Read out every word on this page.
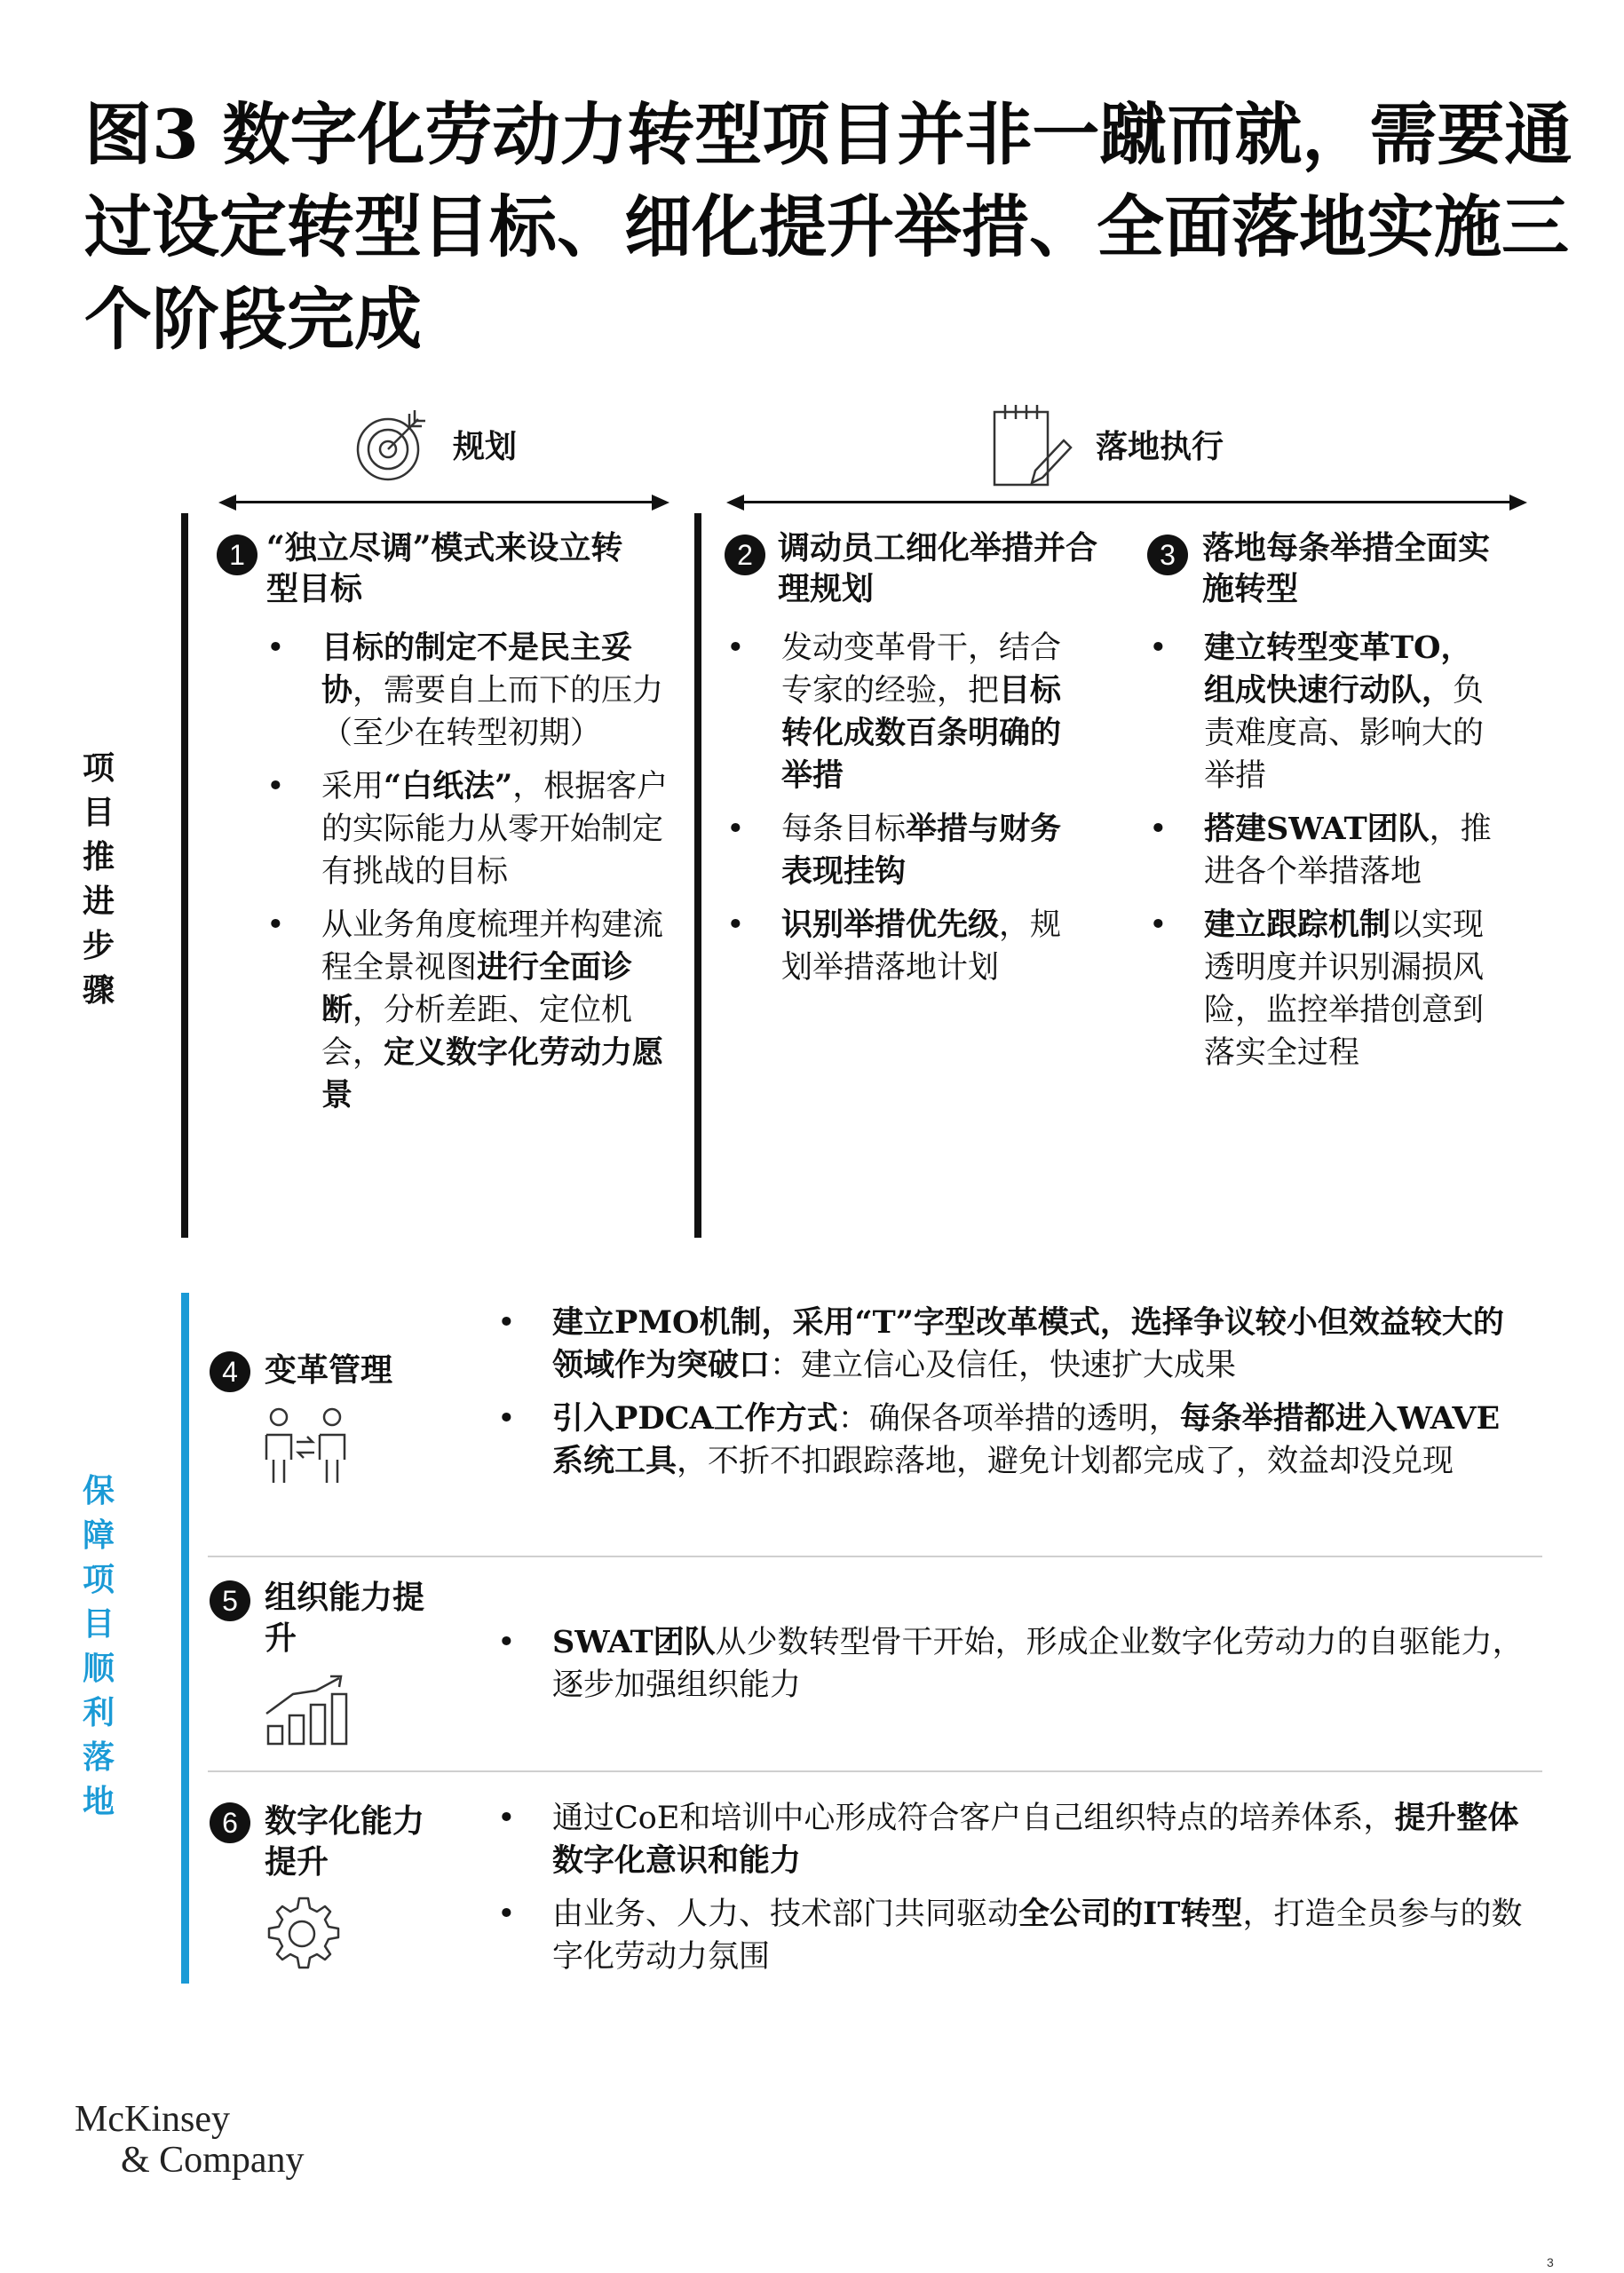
图3 数字化劳动力转型项目并非一蹴而就，需要通过设定转型目标、细化提升举措、全面落地实施三个阶段完成
规划	落地执行
项目推进步骤
1 “独立尽调”模式来设立转型目标
• 目标的制定不是民主妥协，需要自上而下的压力（至少在转型初期）
• 采用“白纸法”，根据客户的实际能力从零开始制定有挑战的目标
• 从业务角度梳理并构建流程全景视图进行全面诊断，分析差距、定位机会，定义数字化劳动力愿景
2 调动员工细化举措并合理规划
• 发动变革骨干，结合专家的经验，把目标转化成数百条明确的举措
• 每条目标举措与财务表现挂钩
• 识别举措优先级，规划举措落地计划
3 落地每条举措全面实施转型
• 建立转型变革TO，组成快速行动队，负责难度高、影响大的举措
• 搭建SWAT团队，推进各个举措落地
• 建立跟踪机制以实现透明度并识别漏损风险，监控举措创意到落实全过程
保障项目顺利落地
4 变革管理
• 建立PMO机制，采用“T”字型改革模式，选择争议较小但效益较大的领域作为突破口：建立信心及信任，快速扩大成果
• 引入PDCA工作方式：确保各项举措的透明，每条举措都进入WAVE系统工具，不折不扣跟踪落地，避免计划都完成了，效益却没兑现
5 组织能力提升
•	SWAT团队从少数转型骨干开始，形成企业数字化劳动力的自驱能力，逐步加强组织能力
6 数字化能力提升
• 通过CoE和培训中心形成符合客户自己组织特点的培养体系，提升整体数字化意识和能力
• 由业务、人力、技术部门共同驱动全公司的IT转型，打造全员参与的数字化劳动力氛围
McKinsey
& Company
3
